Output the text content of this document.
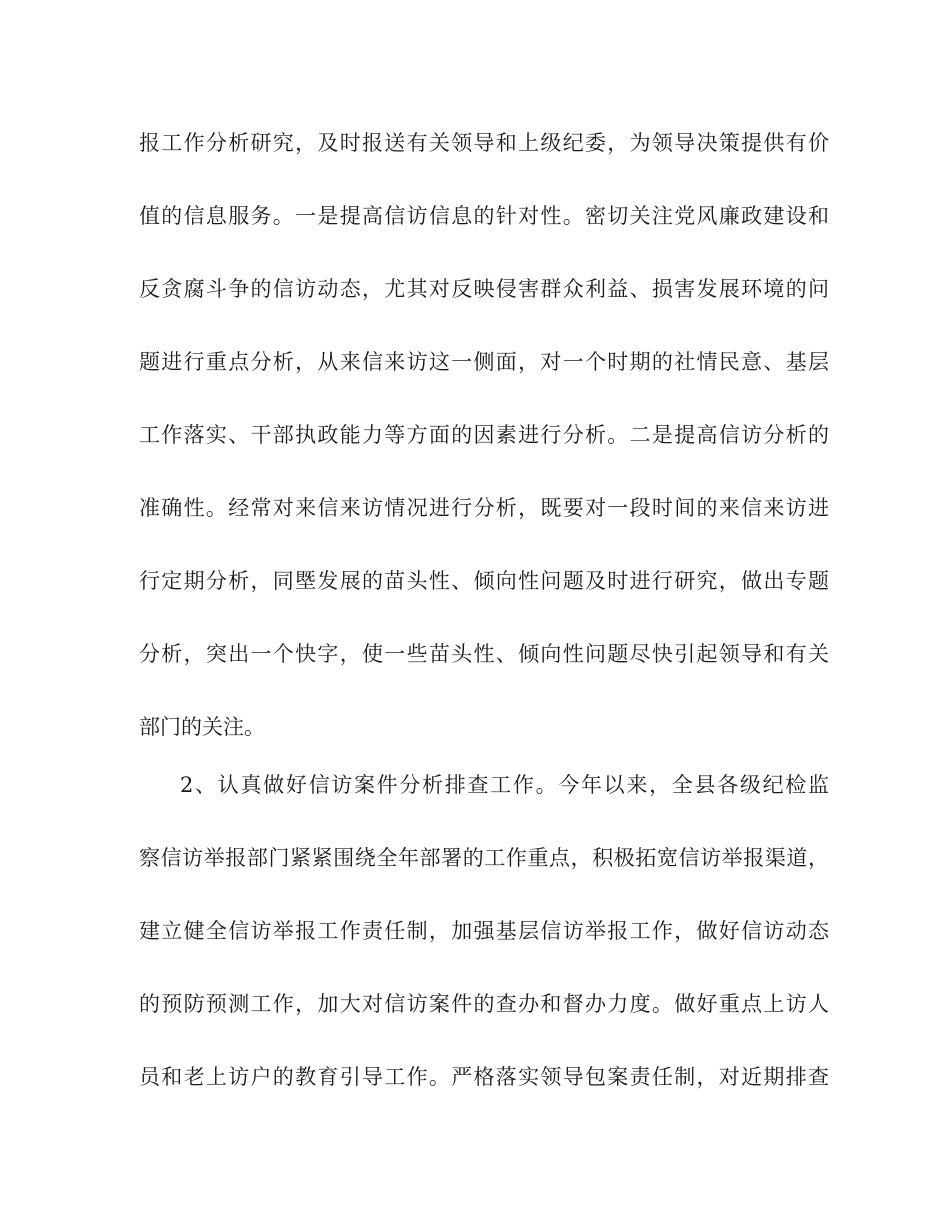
报工作分析研究，及时报送有关领导和上级纪委，为领导决策提供有价
值的信息服务。一是提高信访信息的针对性。密切关注党风廉政建设和
反贪腐斗争的信访动态，尤其对反映侵害群众利益、损害发展环境的问
题进行重点分析，从来信来访这一侧面，对一个时期的社情民意、基层
工作落实、干部执政能力等方面的因素进行分析。二是提高信访分析的
准确性。经常对来信来访情况进行分析，既要对一段时间的来信来访进
行定期分析，同塈发展的苗头性、倾向性问题及时进行研究，做出专题
分析，突出一个快字，使一些苗头性、倾向性问题尽快引起领导和有关
部门的关注。
2、认真做好信访案件分析排查工作。今年以来，全县各级纪检监
察信访举报部门紧紧围绕全年部署的工作重点，积极拓宽信访举报渠道，
建立健全信访举报工作责任制，加强基层信访举报工作，做好信访动态
的预防预测工作，加大对信访案件的查办和督办力度。做好重点上访人
员和老上访户的教育引导工作。严格落实领导包案责任制，对近期排查
